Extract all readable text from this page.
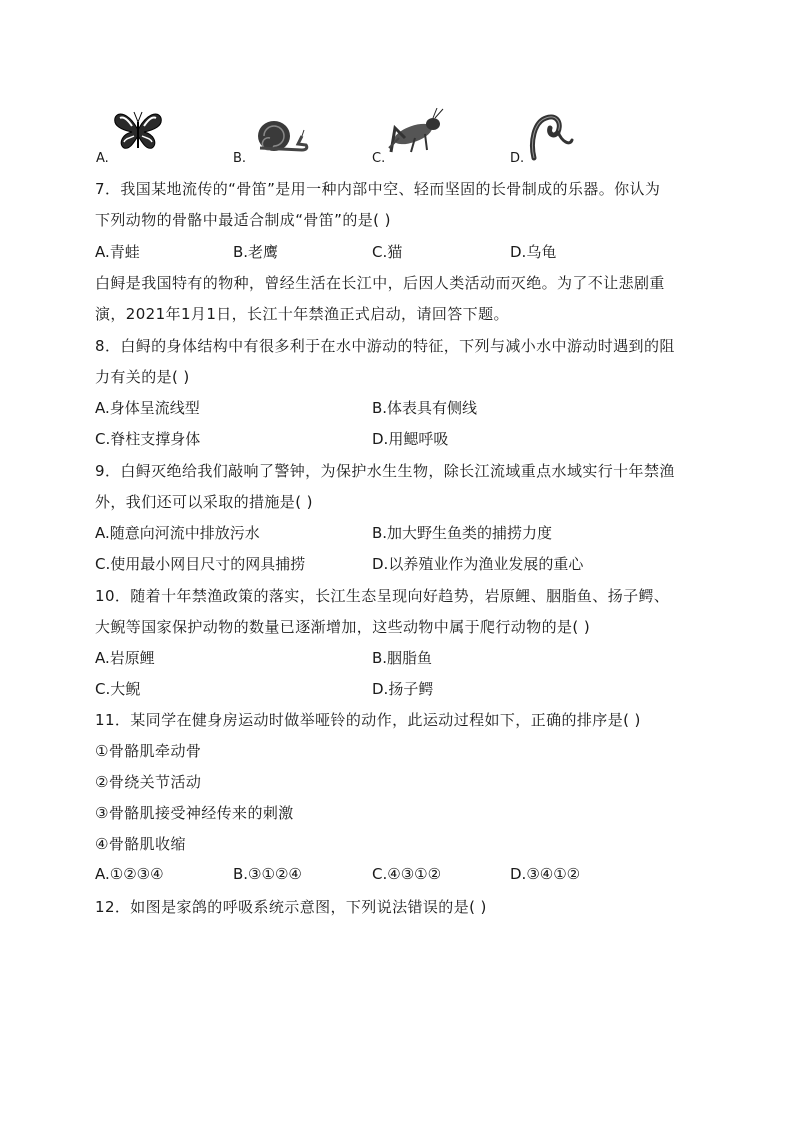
A.	B.	C.	D.
7．我国某地流传的“骨笛”是用一种内部中空、轻而坚固的长骨制成的乐器。你认为
下列动物的骨骼中最适合制成“骨笛”的是( )
A.青蛙	B.老鹰	C.猫	D.乌龟
白鲟是我国特有的物种，曾经生活在长江中，后因人类活动而灭绝。为了不让悲剧重
演，2021年1月1日，长江十年禁渔正式启动，请回答下题。
8．白鲟的身体结构中有很多利于在水中游动的特征，下列与减小水中游动时遇到的阻
力有关的是( )
A.身体呈流线型	B.体表具有侧线
C.脊柱支撑身体	D.用鳃呼吸
9．白鲟灭绝给我们敲响了警钟，为保护水生生物，除长江流域重点水域实行十年禁渔
外，我们还可以采取的措施是( )
A.随意向河流中排放污水	B.加大野生鱼类的捕捞力度
C.使用最小网目尺寸的网具捕捞	D.以养殖业作为渔业发展的重心
10．随着十年禁渔政策的落实，长江生态呈现向好趋势，岩原鲤、胭脂鱼、扬子鳄、
大鲵等国家保护动物的数量已逐渐增加，这些动物中属于爬行动物的是( )
A.岩原鲤	B.胭脂鱼
C.大鲵	D.扬子鳄
11．某同学在健身房运动时做举哑铃的动作，此运动过程如下，正确的排序是( )
①骨骼肌牵动骨
②骨绕关节活动
③骨骼肌接受神经传来的刺激
④骨骼肌收缩
A.①②③④	B.③①②④	C.④③①②	D.③④①②
12．如图是家鸽的呼吸系统示意图，下列说法错误的是( )
